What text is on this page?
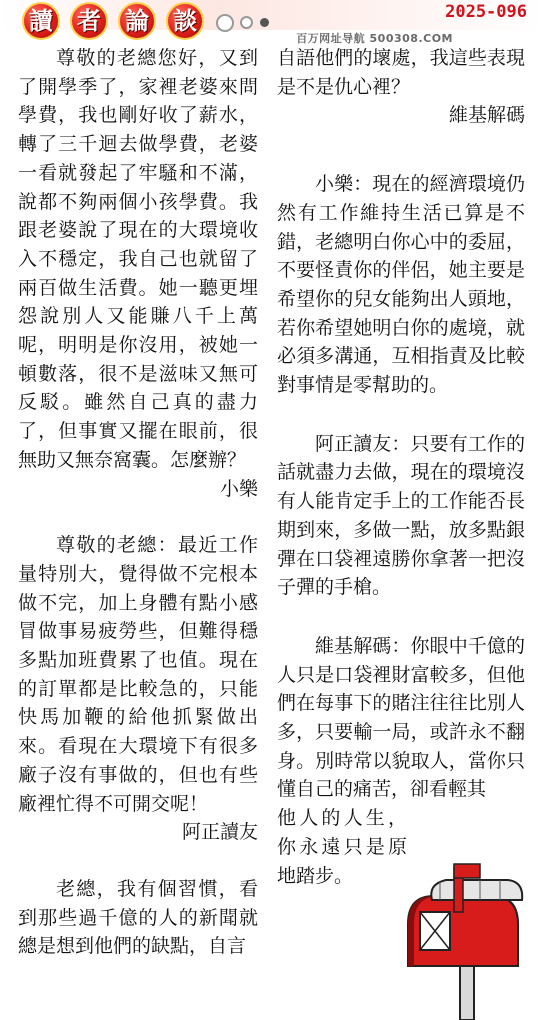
讀 者 論 談	2025-096
百万网址导航 500308.COM

尊敬的老總您好，又到了開學季了，家裡老婆來問學費，我也剛好收了薪水，轉了三千迴去做學費，老婆一看就發起了牢騷和不滿，說都不夠兩個小孩學費。我跟老婆說了現在的大環境收入不穩定，我自己也就留了兩百做生活費。她一聽更埋怨說別人又能賺八千上萬呢，明明是你沒用，被她一頓數落，很不是滋味又無可反駁。雖然自己真的盡力了，但事實又擺在眼前，很無助又無奈窩囊。怎麼辦？

小樂

尊敬的老總：最近工作量特別大，覺得做不完根本做不完，加上身體有點小感冒做事易疲勞些，但難得穩多點加班費累了也值。現在的訂單都是比較急的，只能快馬加鞭的給他抓緊做出來。看現在大環境下有很多廠子沒有事做的，但也有些廠裡忙得不可開交呢！

阿正讀友

老總，我有個習慣，看到那些過千億的人的新聞就總是想到他們的缺點，自言

自語他們的壞處，我這些表現是不是仇心裡？

維基解碼

小樂：現在的經濟環境仍然有工作維持生活已算是不錯，老總明白你心中的委屈，不要怪責你的伴侶，她主要是希望你的兒女能夠出人頭地，若你希望她明白你的處境，就必須多溝通，互相指責及比較對事情是零幫助的。

阿正讀友：只要有工作的話就盡力去做，現在的環境沒有人能肯定手上的工作能否長期到來，多做一點，放多點銀彈在口袋裡遠勝你拿著一把沒子彈的手槍。

維基解碼：你眼中千億的人只是口袋裡財富較多，但他們在每事下的賭注往往比別人多，只要輸一局，或許永不翻身。別時常以貌取人，當你只懂自己的痛苦，卻看輕其

他人的人生，你永遠只是原地踏步。
